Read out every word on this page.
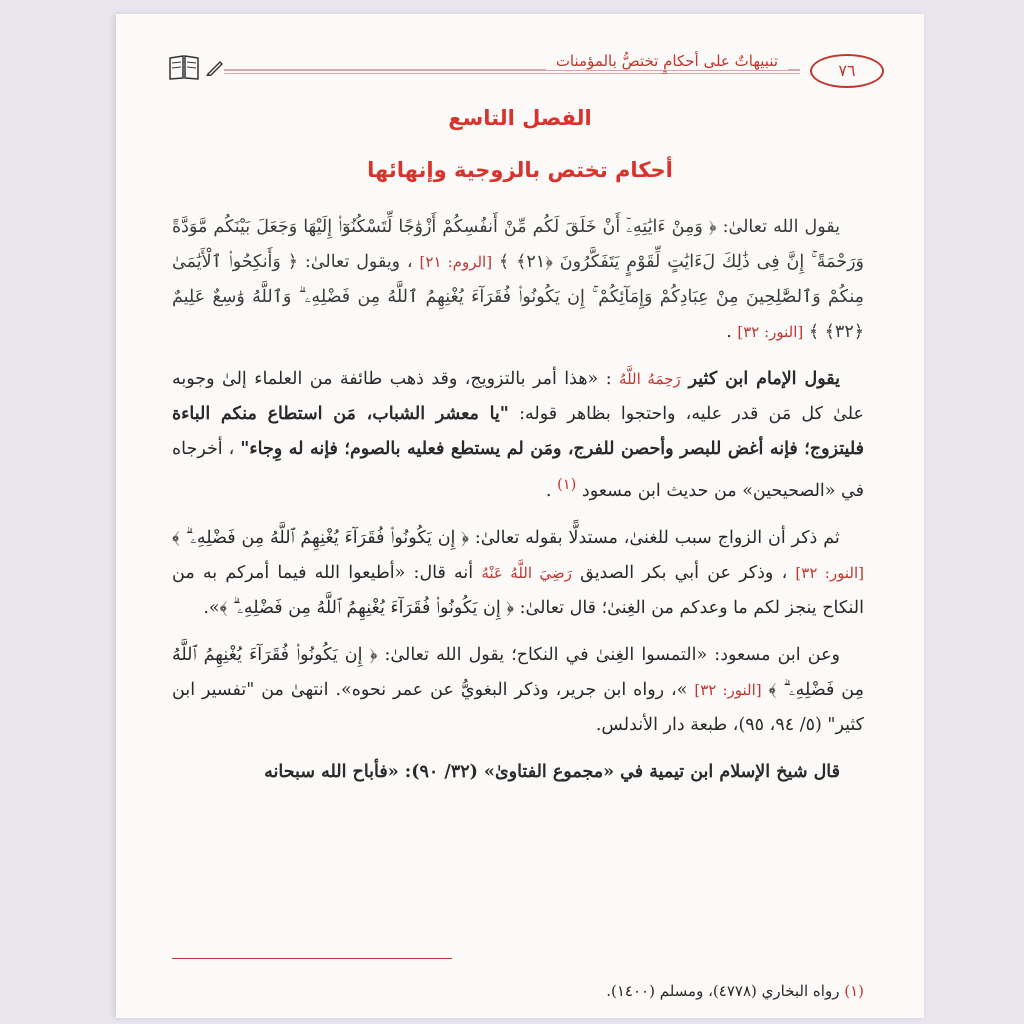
تنبيهاتٌ على أحكامٍ تختصُّ بالمؤمنات	٧٦
الفصل التاسع
أحكام تختص بالزوجية وإنهائها

يقول الله تعالىٰ: ﴿ وَمِنْ ءَايَٰتِهِۦٓ أَنْ خَلَقَ لَكُم مِّنْ أَنفُسِكُمْ أَزْوَٰجًا لِّتَسْكُنُوٓا۟ إِلَيْهَا وَجَعَلَ بَيْنَكُم مَّوَدَّةً وَرَحْمَةً ۚ إِنَّ فِى ذَٰلِكَ لَءَايَٰتٍ لِّقَوْمٍ يَتَفَكَّرُونَ ﴿٢١﴾ ﴾ [الروم: ٢١] ، ويقول تعالىٰ: ﴿ وَأَنكِحُوا۟ ٱلْأَيَٰمَىٰ مِنكُمْ وَٱلصَّٰلِحِينَ مِنْ عِبَادِكُمْ وَإِمَآئِكُمْ ۚ إِن يَكُونُوا۟ فُقَرَآءَ يُغْنِهِمُ ٱللَّهُ مِن فَضْلِهِۦ ۗ وَٱللَّهُ وَٰسِعٌ عَلِيمٌ ﴿٣٢﴾ ﴾ [النور: ٣٢] .

يقول الإمام ابن كثير رَحِمَهُ اللَّهُ : «هذا أمر بالتزويج، وقد ذهب طائفة من العلماء إلىٰ وجوبه علىٰ كل مَن قدر عليه، واحتجوا بظاهر قوله: "يا معشر الشباب، مَن استطاع منكم الباءة فليتزوج؛ فإنه أغض للبصر وأحصن للفرج، ومَن لم يستطع فعليه بالصوم؛ فإنه له وِجاء" ، أخرجاه في «الصحيحين» من حديث ابن مسعود $^{(١)}$ .

ثم ذكر أن الزواج سبب للغنىٰ، مستدلًّا بقوله تعالىٰ: ﴿ إِن يَكُونُوا۟ فُقَرَآءَ يُغْنِهِمُ ٱللَّهُ مِن فَضْلِهِۦ ۗ ﴾ [النور: ٣٢] ، وذكر عن أبي بكر الصديق رَضِيَ اللَّهُ عَنْهُ أنه قال: «أطيعوا الله فيما أمركم به من النكاح ينجز لكم ما وعدكم من الغِنىٰ؛ قال تعالىٰ: ﴿ إِن يَكُونُوا۟ فُقَرَآءَ يُغْنِهِمُ ٱللَّهُ مِن فَضْلِهِۦ ۗ ﴾».

وعن ابن مسعود: «التمسوا الغِنىٰ في النكاح؛ يقول الله تعالىٰ: ﴿ إِن يَكُونُوا۟ فُقَرَآءَ يُغْنِهِمُ ٱللَّهُ مِن فَضْلِهِۦ ۗ ﴾ [النور: ٣٢] »، رواه ابن جرير، وذكر البغويُّ عن عمر نحوه». انتهىٰ من "تفسير ابن كثير" (٥/ ٩٤، ٩٥)، طبعة دار الأندلس.

قال شيخ الإسلام ابن تيمية في «مجموع الفتاوىٰ» (٣٢/ ٩٠): «فأباح الله سبحانه

(١) رواه البخاري (٤٧٧٨)، ومسلم (١٤٠٠).
